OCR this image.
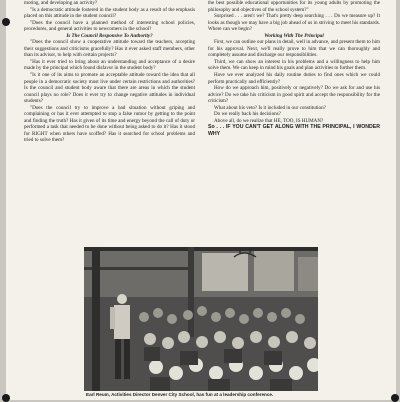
moting, and developing an activity?

"Is a democratic attitude fostered in the student body as a result of the emphasis placed on this attitude in the student council?

"Does the council have a planned method of interesting school policies, procedures, and general activities to newcomers in the school?

Is The Council Responsive To Authority?

"Does the council show a cooperative attitude toward the teachers, accepting their suggestions and criticisms gracefully? Has it ever asked staff members, other than its advisor, to help with certain projects?

"Has it ever tried to bring about an understanding and acceptance of a desire made by the principal which found disfavor in the student body?

"Is it one of its aims to promote an acceptable attitude toward the idea that all people in a democratic society must live under certain restrictions and authorities? Is the council and student body aware that there are areas in which the student council plays no role? Does it ever try to change negative attitudes in individual students?

"Does the council try to improve a bad situation without griping and complaining or has it ever attempted to stop a false rumor by getting to the point and finding the truth? Has it given of its time and energy beyond the call of duty or performed a task that needed to be done without being asked to do it? Has it stood for RIGHT when others have scoffed? Has it searched for school problems and tried to solve them?

the best possible educational opportunities for its young adults by promoting the philosophy and objectives of the school system?"

Surprised . . . aren't we? That's pretty deep searching . . . Do we measure up? It looks as though we may have a big job ahead of us in striving to meet his standards. Where can we begin?

Working With The Principal

First, we can outline our plans in detail, well in advance, and present them to him for his approval. Next, we'll really prove to him that we can thoroughly and completely assume and discharge our responsibilities.

Third, we can show an interest in his problems and a willingness to help him solve them. We can keep in mind his goals and plan activities to further them.

Have we ever analyzed his daily routine duties to find ones which we could perform practically and efficiently?

How do we approach him, positively or negatively? Do we ask for and use his advice? Do we take his criticism in good spirit and accept the responsibility for the criticism?

What about his veto? Is it included in our constitution?

Do we really back his decisions?

Above all, do we realize that HE, TOO, IS HUMAN?

So . . . IF YOU CAN'T GET ALONG WITH THE PRINCIPAL, I WONDER WHY

Earl Reum, Activities Director Denver City School, has fun at a leadership conference.
